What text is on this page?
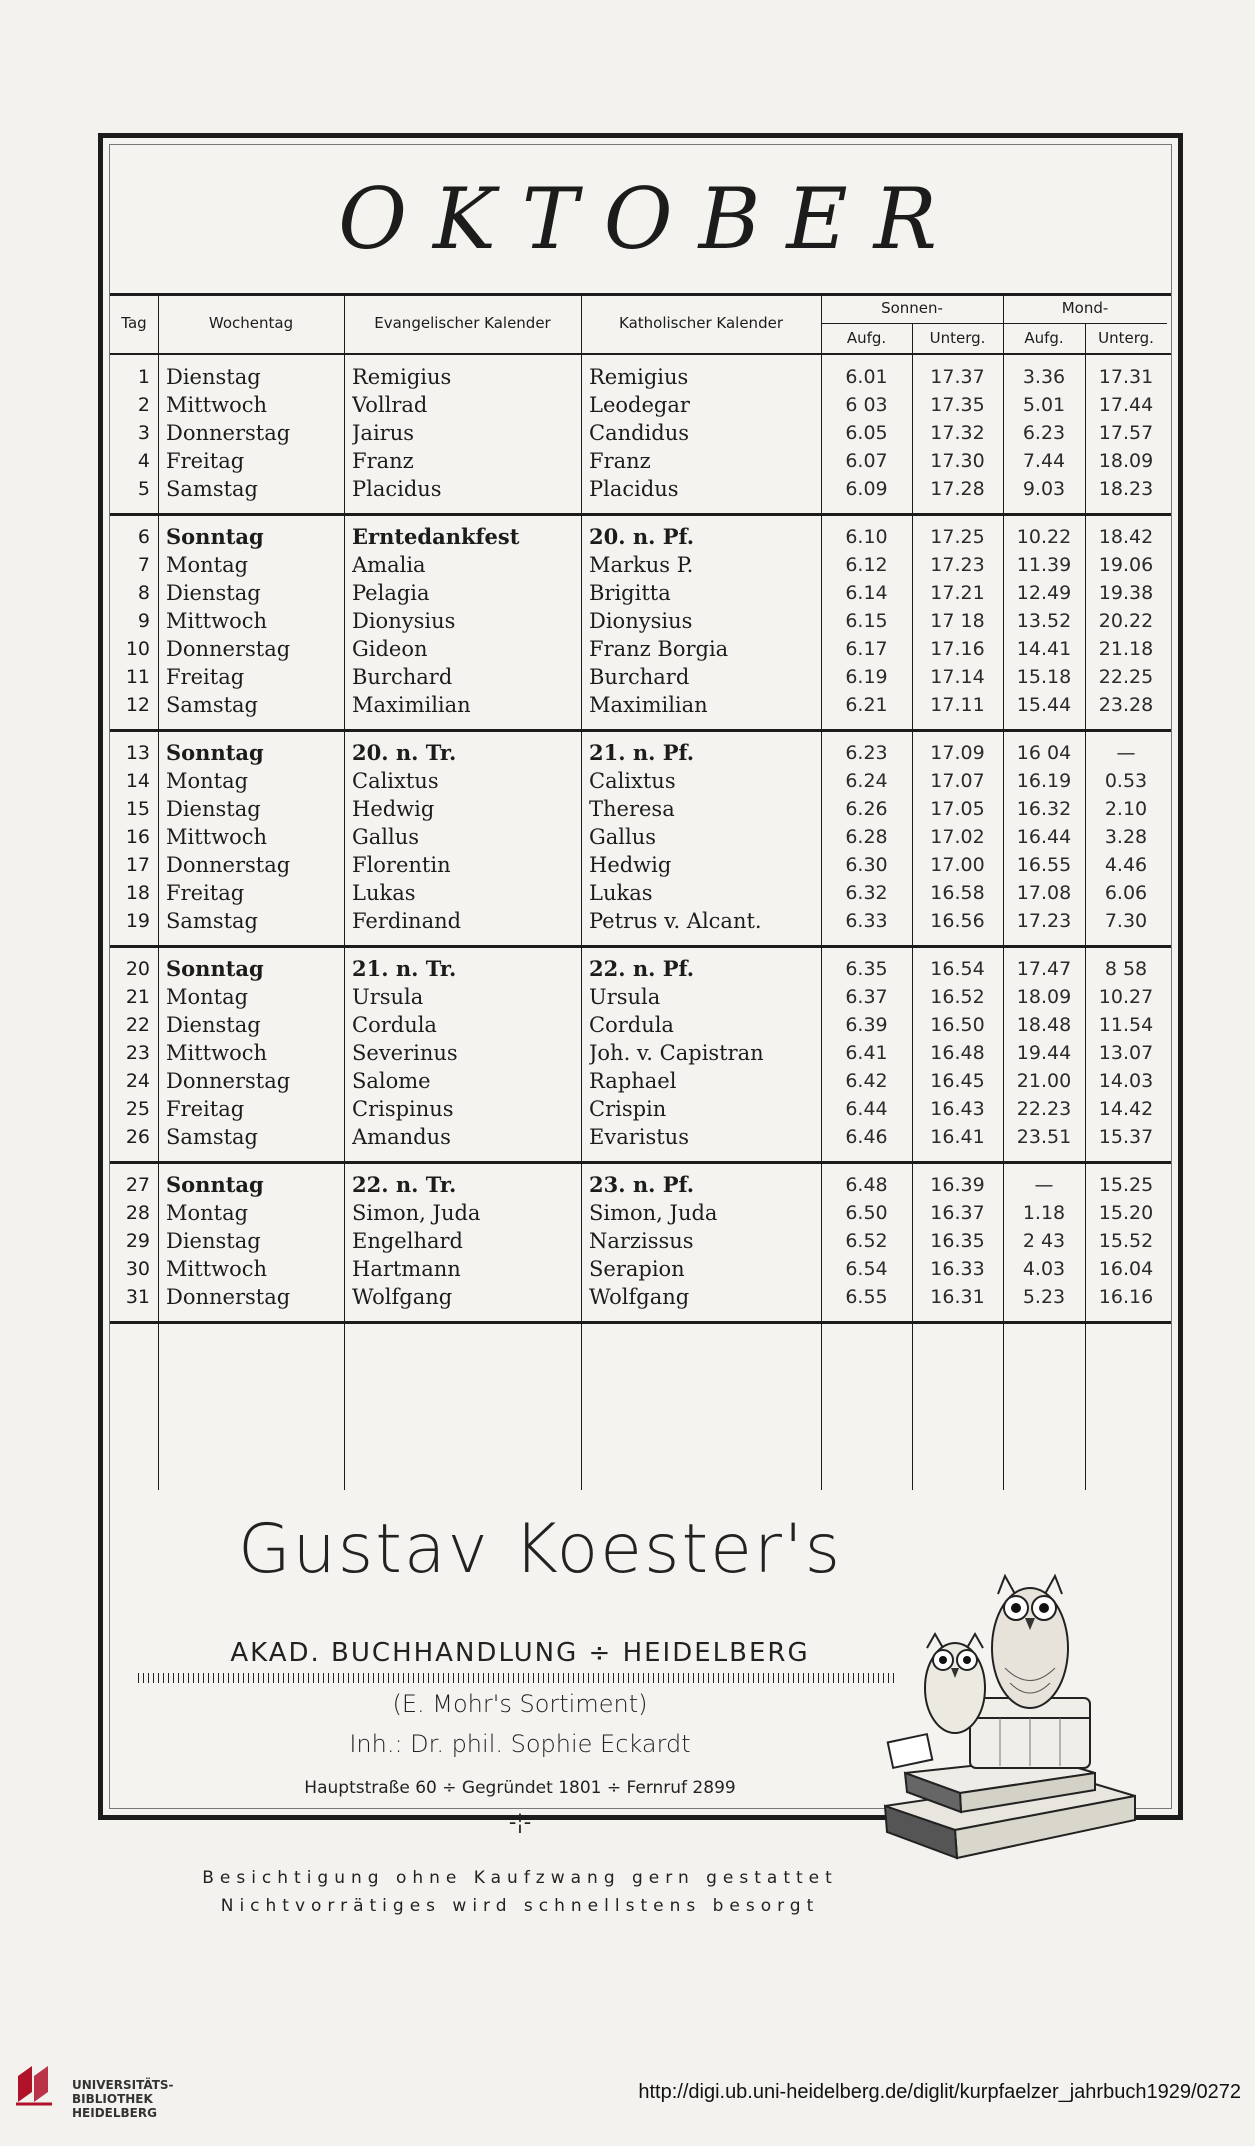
OKTOBER
Tag	Wochentag	Evangelischer Kalender	Katholischer Kalender
Sonnen-	Mond-
Aufg.	Unterg.	Aufg.	Unterg.
1 Dienstag	Remigius	Remigius	6.01	17.37	3.36	17.31
2 Mittwoch	Vollrad	Leodegar	6 03	17.35	5.01	17.44
3 Donnerstag	Jairus	Candidus	6.05	17.32	6.23	17.57
4 Freitag	Franz	Franz	6.07	17.30	7.44	18.09
5 Samstag	Placidus	Placidus	6.09	17.28	9.03	18.23
6 Sonntag	Erntedankfest	20. n. Pf.	6.10	17.25	10.22	18.42
7 Montag	Amalia	Markus P.	6.12	17.23	11.39	19.06
8 Dienstag	Pelagia	Brigitta	6.14	17.21	12.49	19.38
9 Mittwoch	Dionysius	Dionysius	6.15	17 18	13.52	20.22
10 Donnerstag	Gideon	Franz Borgia	6.17	17.16	14.41	21.18
11 Freitag	Burchard	Burchard	6.19	17.14	15.18	22.25
12 Samstag	Maximilian	Maximilian	6.21	17.11	15.44	23.28
13 Sonntag	20. n. Tr.	21. n. Pf.	6.23	17.09	16 04	—
14 Montag	Calixtus	Calixtus	6.24	17.07	16.19	0.53
15 Dienstag	Hedwig	Theresa	6.26	17.05	16.32	2.10
16 Mittwoch	Gallus	Gallus	6.28	17.02	16.44	3.28
17 Donnerstag	Florentin	Hedwig	6.30	17.00	16.55	4.46
18 Freitag	Lukas	Lukas	6.32	16.58	17.08	6.06
19 Samstag	Ferdinand	Petrus v. Alcant.	6.33	16.56	17.23	7.30
20 Sonntag	21. n. Tr.	22. n. Pf.	6.35	16.54	17.47	8 58
21 Montag	Ursula	Ursula	6.37	16.52	18.09	10.27
22 Dienstag	Cordula	Cordula	6.39	16.50	18.48	11.54
23 Mittwoch	Severinus	Joh. v. Capistran	6.41	16.48	19.44	13.07
24 Donnerstag	Salome	Raphael	6.42	16.45	21.00	14.03
25 Freitag	Crispinus	Crispin	6.44	16.43	22.23	14.42
26 Samstag	Amandus	Evaristus	6.46	16.41	23.51	15.37
27 Sonntag	22. n. Tr.	23. n. Pf.	6.48	16.39	—	15.25
28 Montag	Simon, Juda	Simon, Juda	6.50	16.37	1.18	15.20
29 Dienstag	Engelhard	Narzissus	6.52	16.35	2 43	15.52
30 Mittwoch	Hartmann	Serapion	6.54	16.33	4.03	16.04
31 Donnerstag	Wolfgang	Wolfgang	6.55	16.31	5.23	16.16
Gustav Koester's
AKAD. BUCHHANDLUNG ÷ HEIDELBERG
(E. Mohr's Sortiment)
Inh.: Dr. phil. Sophie Eckardt
Hauptstraße 60 ÷ Gegründet 1801 ÷ Fernruf 2899
-¦-
Besichtigung ohne Kaufzwang gern gestattet
Nichtvorrätiges wird schnellstens besorgt
UNIVERSITÄTS-
BIBLIOTHEK
HEIDELBERG
http://digi.ub.uni-heidelberg.de/diglit/kurpfaelzer_jahrbuch1929/0272
